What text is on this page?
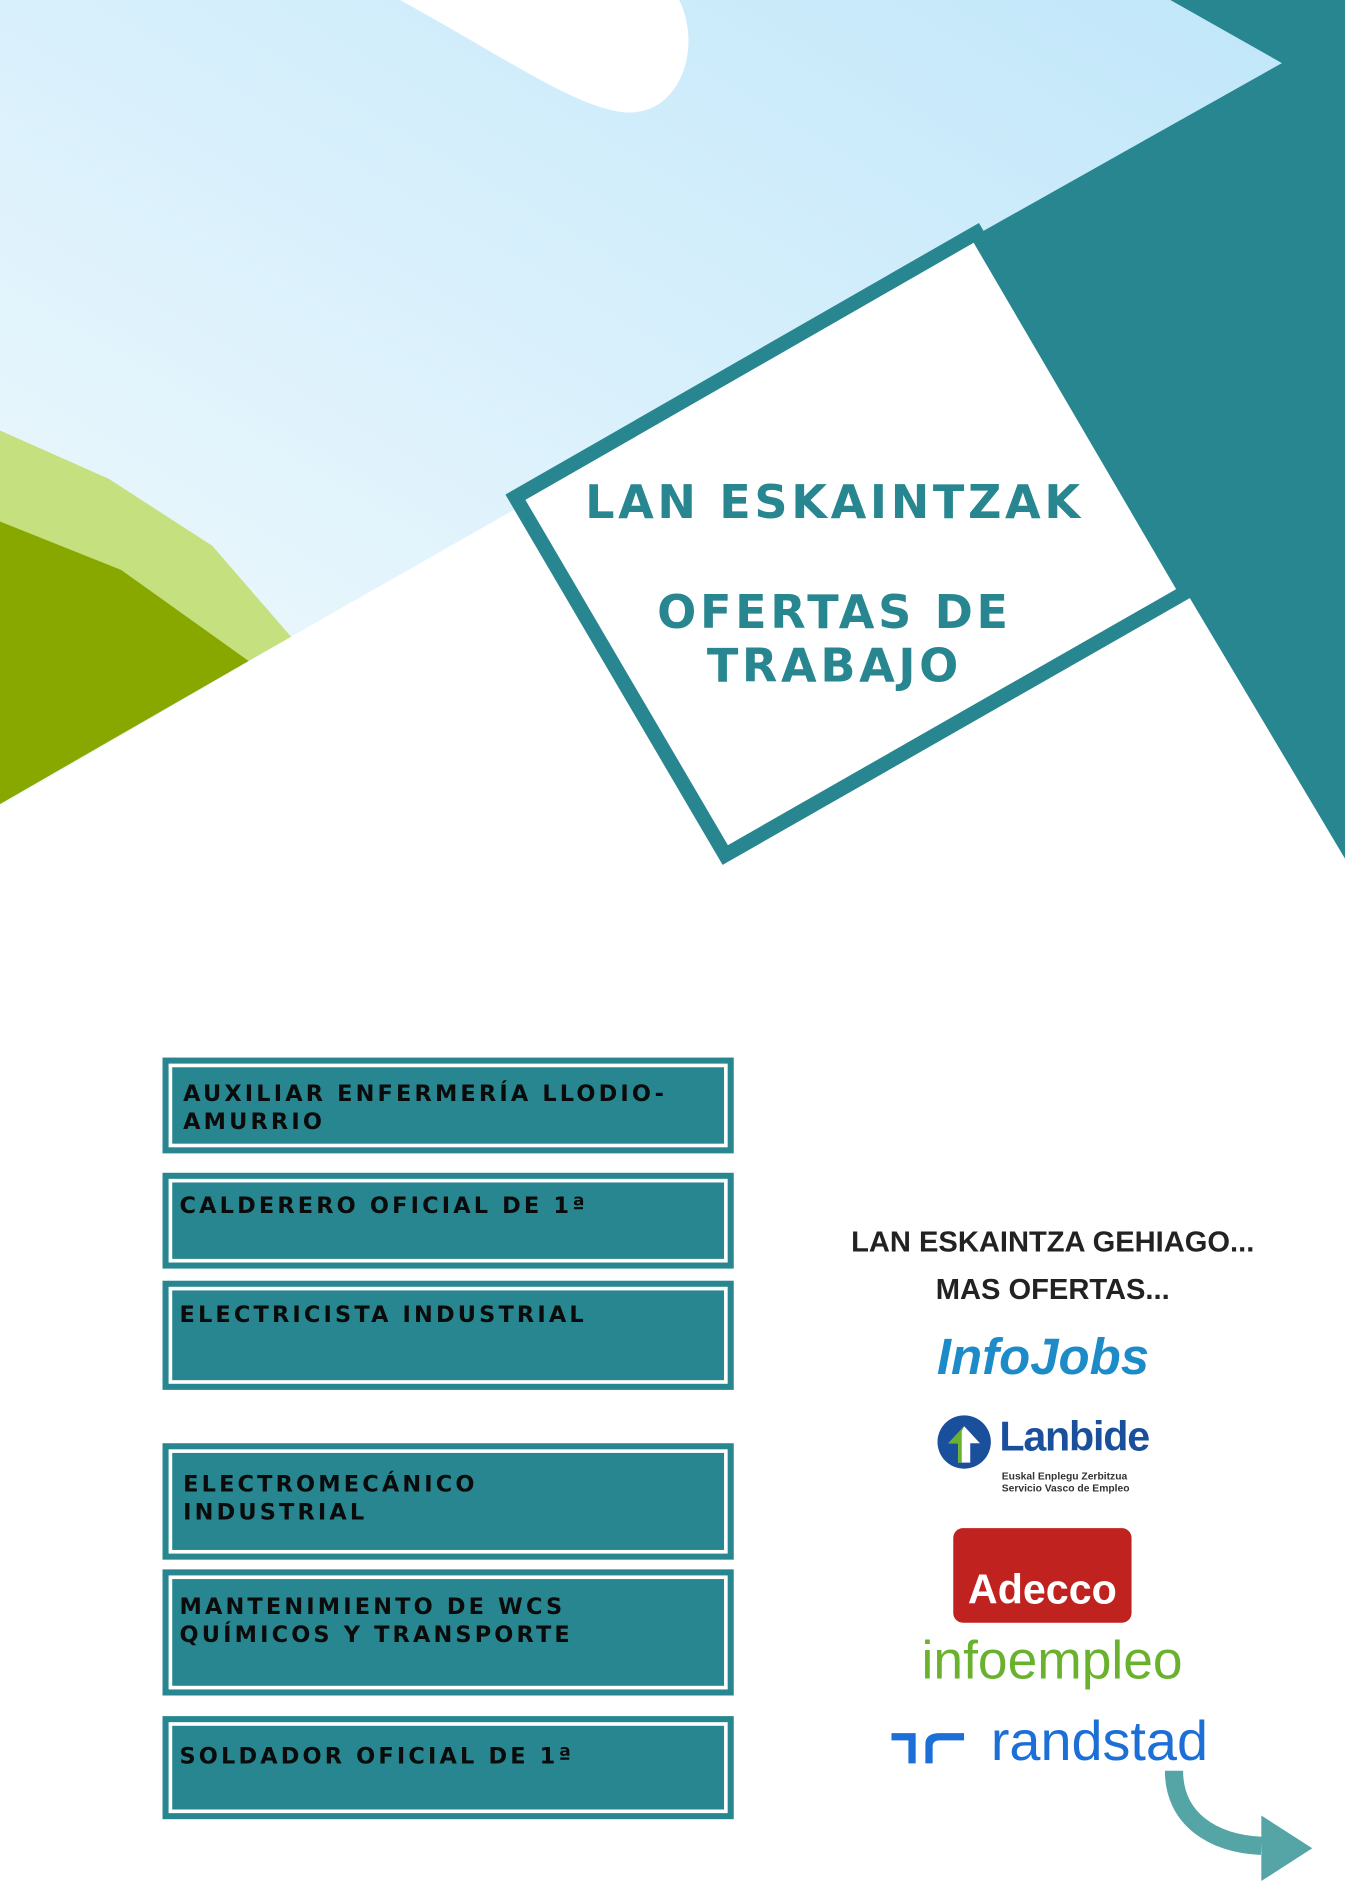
LAN ESKAINTZAK
OFERTAS DE
TRABAJO
AUXILIAR ENFERMERÍA LLODIO-AMURRIO
CALDERERO OFICIAL DE 1ª
ELECTRICISTA INDUSTRIAL
ELECTROMECÁNICO INDUSTRIAL
MANTENIMIENTO DE WCS QUÍMICOS Y TRANSPORTE
SOLDADOR OFICIAL DE 1ª
LAN ESKAINTZA GEHIAGO...
MAS OFERTAS...
InfoJobs
Lanbide
Euskal Enplegu Zerbitzua
Servicio Vasco de Empleo
Adecco
infoempleo
randstad
